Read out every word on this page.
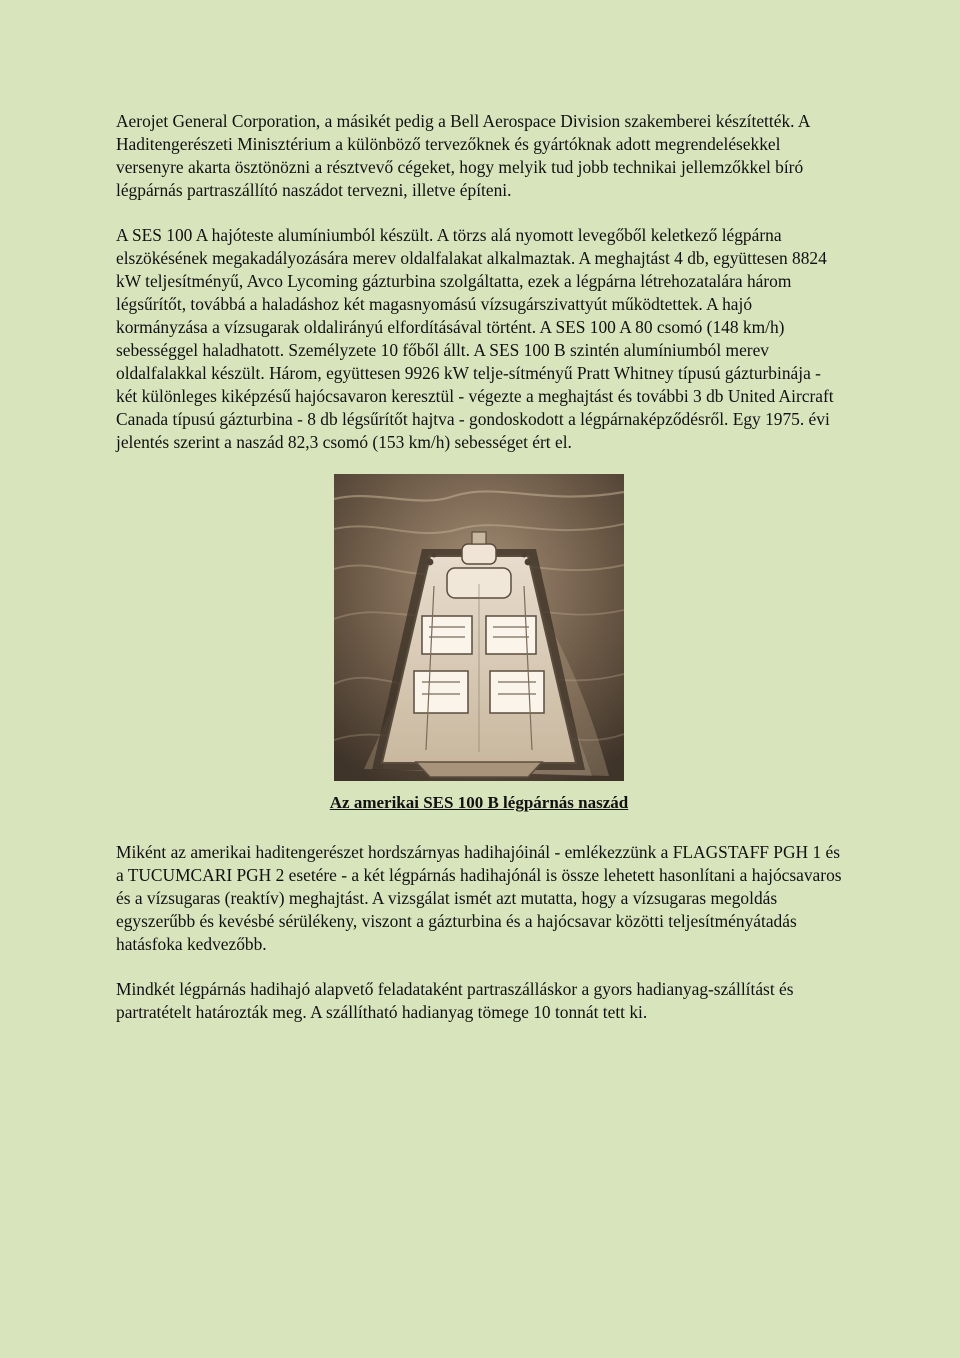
Aerojet General Corporation, a másikét pedig a Bell Aerospace Division szakemberei készítették. A Haditengerészeti Minisztérium a különböző tervezőknek és gyártóknak adott megrendelésekkel versenyre akarta ösztönözni a résztvevő cégeket, hogy melyik tud jobb technikai jellemzőkkel bíró légpárnás partraszállító naszádot tervezni, illetve építeni.

A SES 100 A hajóteste alumíniumból készült. A törzs alá nyomott levegőből keletkező légpárna elszökésének megakadályozására merev oldalfalakat alkalmaztak. A meghajtást 4 db, együttesen 8824 kW teljesítményű, Avco Lycoming gázturbina szolgáltatta, ezek a légpárna létrehozatalára három légsűrítőt, továbbá a haladáshoz két magasnyomású vízsugárszivattyút működtettek. A hajó kormányzása a vízsugarak oldalirányú elfordításával történt. A SES 100 A 80 csomó (148 km/h) sebességgel haladhatott. Személyzete 10 főből állt. A SES 100 B szintén alumíniumból merev oldalfalakkal készült. Három, együttesen 9926 kW telje-sítményű Pratt Whitney típusú gázturbinája - két különleges kiképzésű hajócsavaron keresztül - végezte a meghajtást és további 3 db United Aircraft Canada típusú gázturbina - 8 db légsűrítőt hajtva - gondoskodott a légpárnaképződésről. Egy 1975. évi jelentés szerint a naszád 82,3 csomó (153 km/h) sebességet ért el.

Az amerikai SES 100 B légpárnás naszád

Miként az amerikai haditengerészet hordszárnyas hadihajóinál - emlékezzünk a FLAGSTAFF PGH 1 és a TUCUMCARI PGH 2 esetére - a két légpárnás hadihajónál is össze lehetett hasonlítani a hajócsavaros és a vízsugaras (reaktív) meghajtást. A vizsgálat ismét azt mutatta, hogy a vízsugaras megoldás egyszerűbb és kevésbé sérülékeny, viszont a gázturbina és a hajócsavar közötti teljesítményátadás hatásfoka kedvezőbb.

Mindkét légpárnás hadihajó alapvető feladataként partraszálláskor a gyors hadianyag-szállítást és partratételt határozták meg. A szállítható hadianyag tömege 10 tonnát tett ki.
